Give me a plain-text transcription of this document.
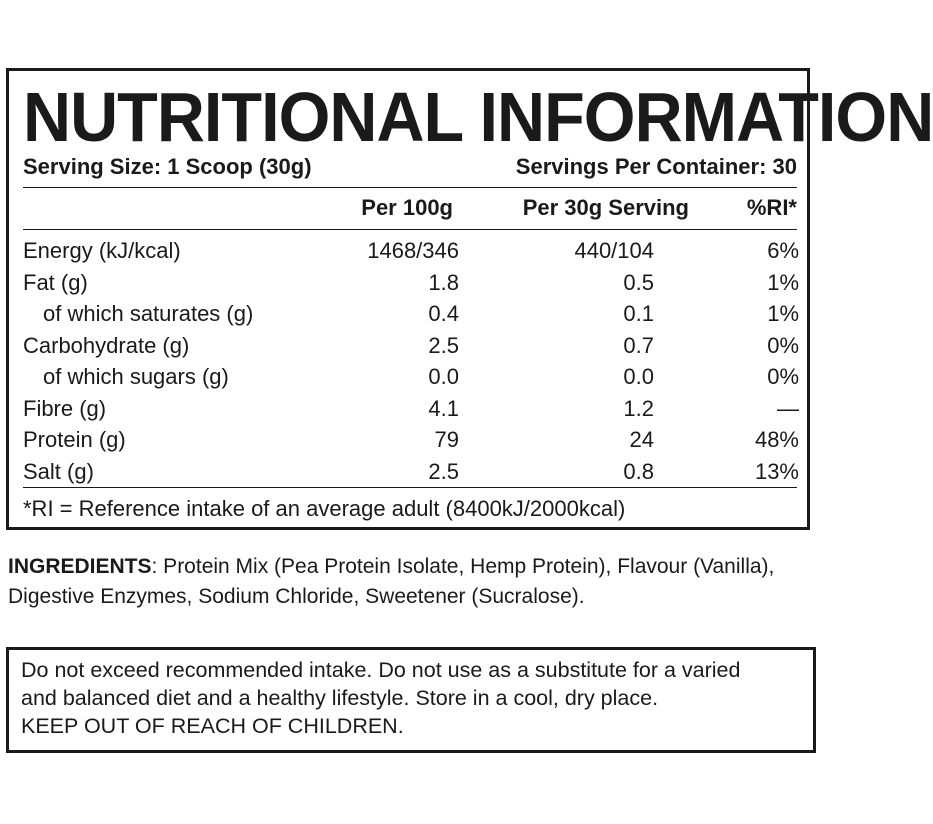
NUTRITIONAL INFORMATION
Serving Size: 1 Scoop (30g)	Servings Per Container: 30
Per 100g	Per 30g Serving	%RI*
Energy (kJ/kcal)	1468/346	440/104	6%
Fat (g)	1.8	0.5	1%
of which saturates (g)	0.4	0.1	1%
Carbohydrate (g)	2.5	0.7	0%
of which sugars (g)	0.0	0.0	0%
Fibre (g)	4.1	1.2	—
Protein (g)	79	24	48%
Salt (g)	2.5	0.8	13%
*RI = Reference intake of an average adult (8400kJ/2000kcal)
INGREDIENTS: Protein Mix (Pea Protein Isolate, Hemp Protein), Flavour (Vanilla), Digestive Enzymes, Sodium Chloride, Sweetener (Sucralose).
Do not exceed recommended intake. Do not use as a substitute for a varied
and balanced diet and a healthy lifestyle. Store in a cool, dry place.
KEEP OUT OF REACH OF CHILDREN.
